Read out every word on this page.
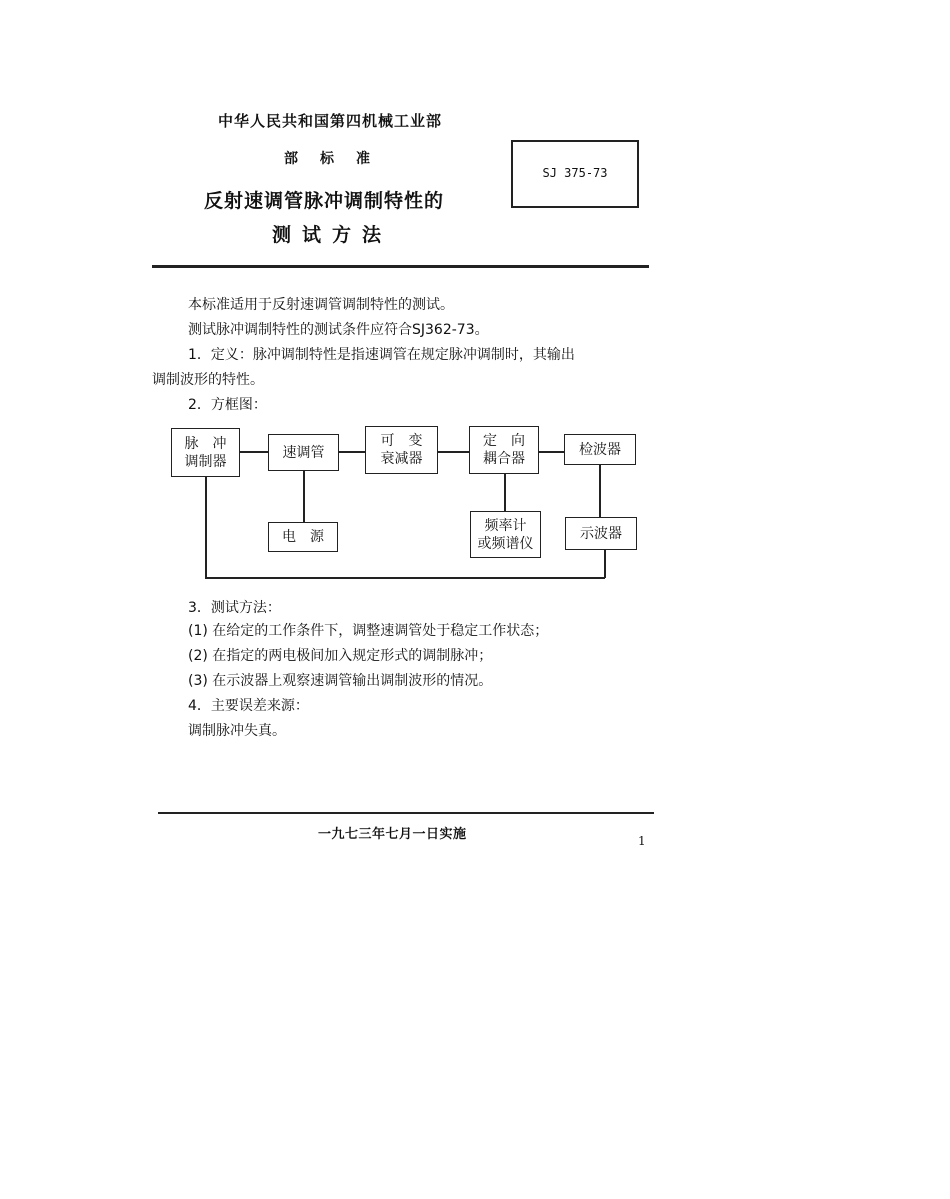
中华人民共和国第四机械工业部
部标准
反射速调管脉冲调制特性的
测试方法
SJ 375-73
本标准适用于反射速调管调制特性的测试。
测试脉冲调制特性的测试条件应符合SJ362-73。
1．定义：脉冲调制特性是指速调管在规定脉冲调制时，其输出
调制波形的特性。
2．方框图：
脉　冲
调制器
速调管
可　变
衰减器
定　向
耦合器
检波器
电　源
频率计
或频谱仪
示波器
3．测试方法：
(1) 在给定的工作条件下，调整速调管处于稳定工作状态；
(2) 在指定的两电极间加入规定形式的调制脉冲；
(3) 在示波器上观察速调管输出调制波形的情况。
4．主要误差来源：
调制脉冲失真。
一九七三年七月一日实施	1
